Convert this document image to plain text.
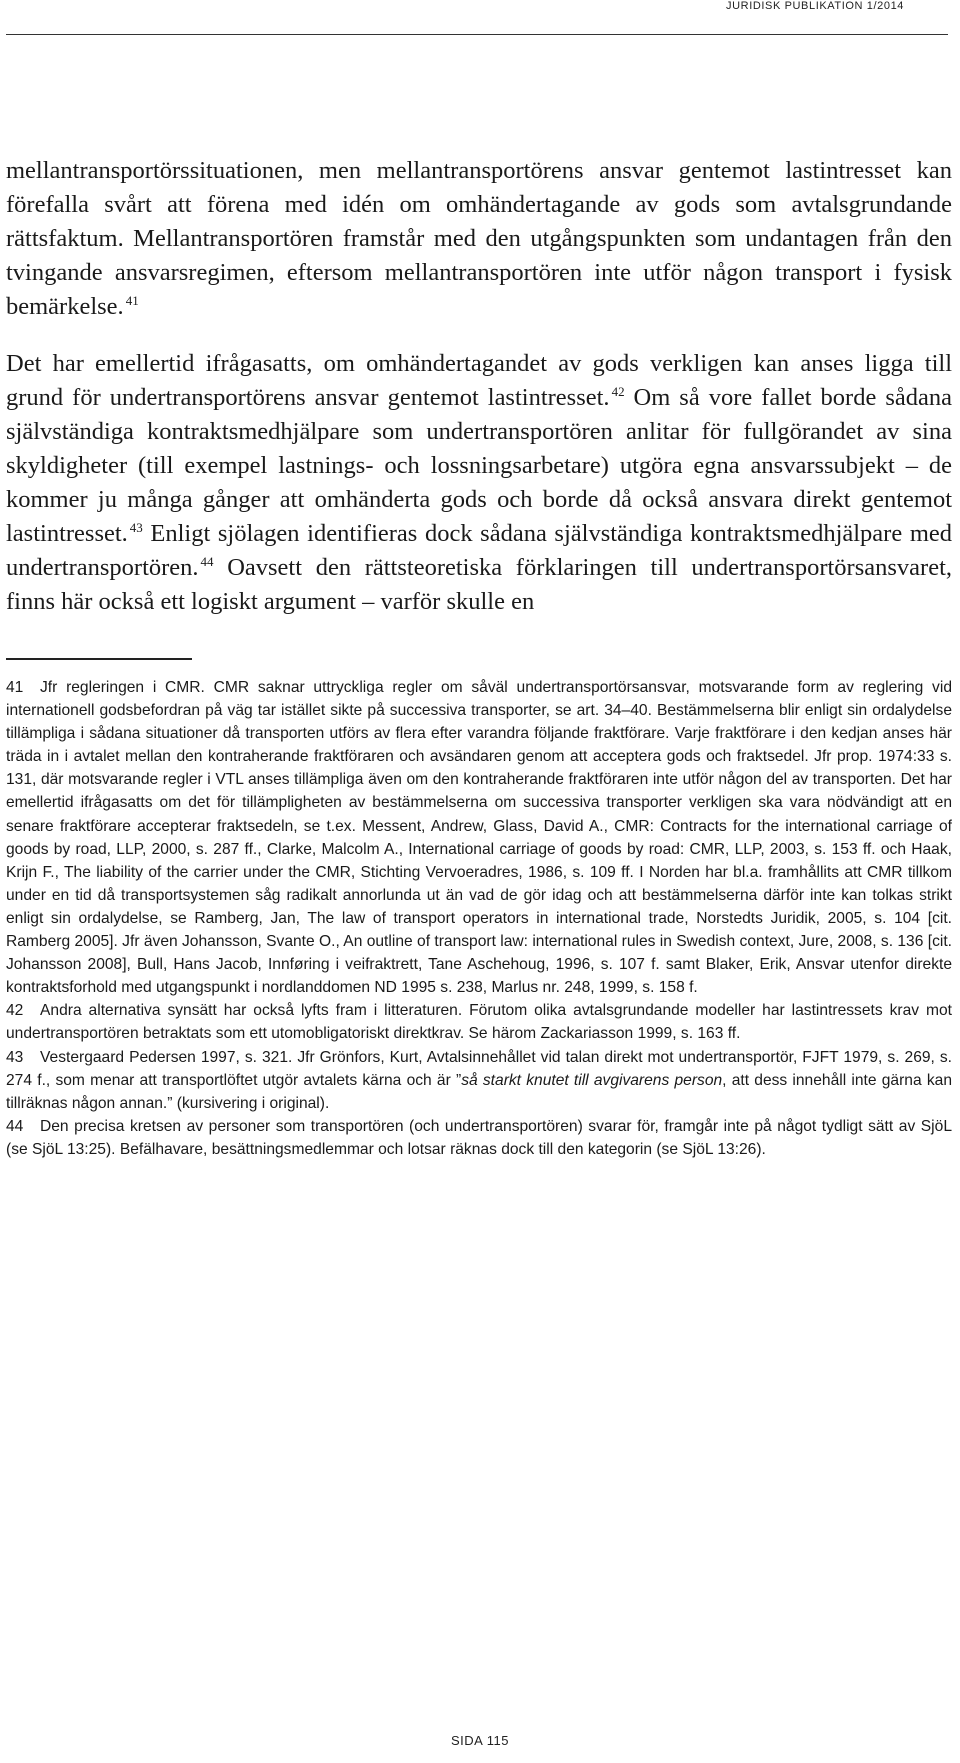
JURIDISK PUBLIKATION 1/2014

mellantransportörssituationen, men mellantransportörens ansvar gentemot lastintresset kan förefalla svårt att förena med idén om omhändertagande av gods som avtalsgrundande rättsfaktum. Mellantransportören framstår med den utgångspunkten som undantagen från den tvingande ansvarsregimen, eftersom mellantransportören inte utför någon transport i fysisk bemärkelse. $^{41}$

Det har emellertid ifrågasatts, om omhändertagandet av gods verkligen kan anses ligga till grund för undertransportörens ansvar gentemot lastintresset. $^{42}$ Om så vore fallet borde sådana självständiga kontraktsmedhjälpare som undertransportören anlitar för fullgörandet av sina skyldigheter (till exempel lastnings- och lossningsarbetare) utgöra egna ansvarssubjekt – de kommer ju många gånger att omhänderta gods och borde då också ansvara direkt gentemot lastintresset. $^{43}$ Enligt sjölagen identifieras dock sådana självständiga kontraktsmedhjälpare med undertransportören. $^{44}$ Oavsett den rättsteoretiska förklaringen till undertransportörsansvaret, finns här också ett logiskt argument – varför skulle en

41 Jfr regleringen i CMR. CMR saknar uttryckliga regler om såväl undertransportörsansvar, motsvarande form av reglering vid internationell godsbefordran på väg tar istället sikte på successiva transporter, se art. 34–40. Bestämmelserna blir enligt sin ordalydelse tillämpliga i sådana situationer då transporten utförs av flera efter varandra följande fraktförare. Varje fraktförare i den kedjan anses här träda in i avtalet mellan den kontraherande fraktföraren och avsändaren genom att acceptera gods och fraktsedel. Jfr prop. 1974:33 s. 131, där motsvarande regler i VTL anses tillämpliga även om den kontraherande fraktföraren inte utför någon del av transporten. Det har emellertid ifrågasatts om det för tillämpligheten av bestämmelserna om successiva transporter verkligen ska vara nödvändigt att en senare fraktförare accepterar fraktsedeln, se t.ex. Messent, Andrew, Glass, David A., CMR: Contracts for the international carriage of goods by road, LLP, 2000, s. 287 ff., Clarke, Malcolm A., International carriage of goods by road: CMR, LLP, 2003, s. 153 ff. och Haak, Krijn F., The liability of the carrier under the CMR, Stichting Vervoeradres, 1986, s. 109 ff. I Norden har bl.a. framhållits att CMR tillkom under en tid då transportsystemen såg radikalt annorlunda ut än vad de gör idag och att bestämmelserna därför inte kan tolkas strikt enligt sin ordalydelse, se Ramberg, Jan, The law of transport operators in international trade, Norstedts Juridik, 2005, s. 104 [cit. Ramberg 2005]. Jfr även Johansson, Svante O., An outline of transport law: international rules in Swedish context, Jure, 2008, s. 136 [cit. Johansson 2008], Bull, Hans Jacob, Innføring i veifraktrett, Tane Aschehoug, 1996, s. 107 f. samt Blaker, Erik, Ansvar utenfor direkte kontraktsforhold med utgangspunkt i nordlanddomen ND 1995 s. 238, Marlus nr. 248, 1999, s. 158 f.

42 Andra alternativa synsätt har också lyfts fram i litteraturen. Förutom olika avtalsgrundande modeller har lastintressets krav mot undertransportören betraktats som ett utomobligatoriskt direktkrav. Se härom Zackariasson 1999, s. 163 ff.

43 Vestergaard Pedersen 1997, s. 321. Jfr Grönfors, Kurt, Avtalsinnehållet vid talan direkt mot undertransportör, FJFT 1979, s. 269, s. 274 f., som menar att transportlöftet utgör avtalets kärna och är ”så starkt knutet till avgivarens person, att dess innehåll inte gärna kan tillräknas någon annan.” (kursivering i original).

44 Den precisa kretsen av personer som transportören (och undertransportören) svarar för, framgår inte på något tydligt sätt av SjöL (se SjöL 13:25). Befälhavare, besättningsmedlemmar och lotsar räknas dock till den kategorin (se SjöL 13:26).

SIDA 115
